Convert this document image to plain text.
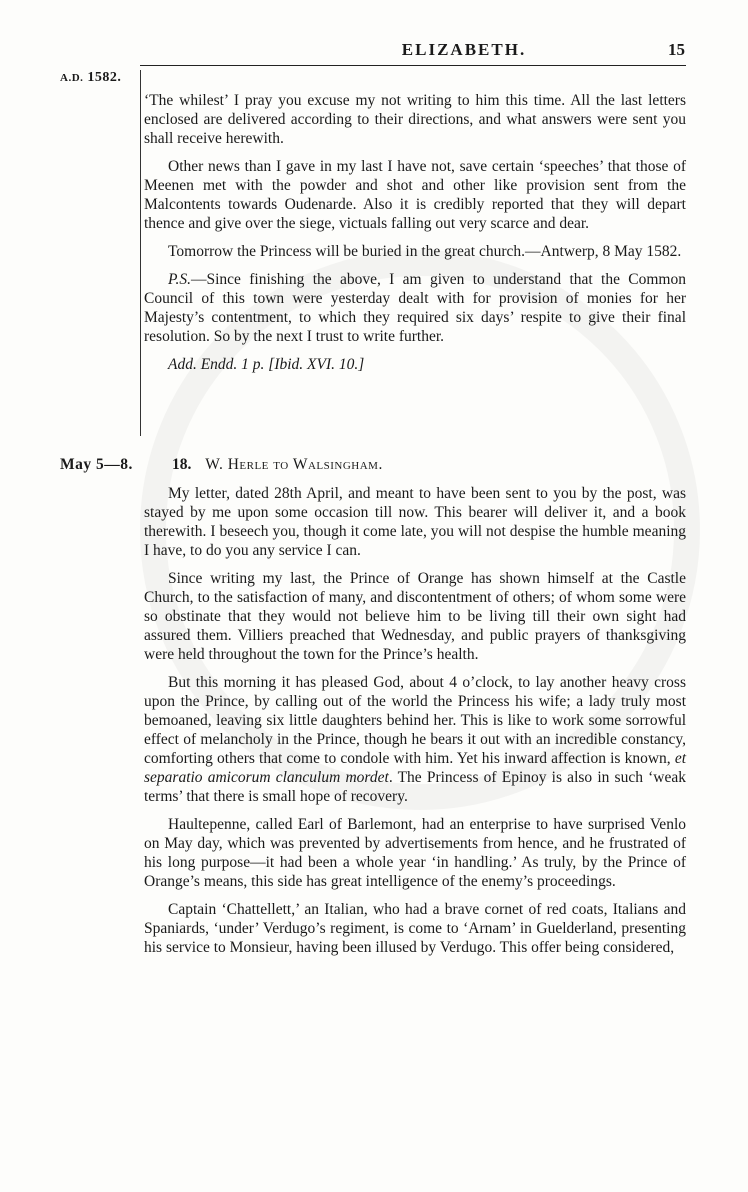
ELIZABETH.	15
A.D. 1582.

‘The whilest’ I pray you excuse my not writing to him this time. All the last letters enclosed are delivered according to their directions, and what answers were sent you shall receive herewith.

Other news than I gave in my last I have not, save certain ‘speeches’ that those of Meenen met with the powder and shot and other like provision sent from the Malcontents towards Oudenarde. Also it is credibly reported that they will depart thence and give over the siege, victuals falling out very scarce and dear.

Tomorrow the Princess will be buried in the great church.—Antwerp, 8 May 1582.

P.S.—Since finishing the above, I am given to understand that the Common Council of this town were yesterday dealt with for provision of monies for her Majesty’s contentment, to which they required six days’ respite to give their final resolution. So by the next I trust to write further.

Add. Endd. 1 p. [Ibid. XVI. 10.]

May 5—8.	18. W. Herle to Walsingham.

My letter, dated 28th April, and meant to have been sent to you by the post, was stayed by me upon some occasion till now. This bearer will deliver it, and a book therewith. I beseech you, though it come late, you will not despise the humble meaning I have, to do you any service I can.

Since writing my last, the Prince of Orange has shown himself at the Castle Church, to the satisfaction of many, and discontentment of others; of whom some were so obstinate that they would not believe him to be living till their own sight had assured them. Villiers preached that Wednesday, and public prayers of thanksgiving were held throughout the town for the Prince’s health.

But this morning it has pleased God, about 4 o’clock, to lay another heavy cross upon the Prince, by calling out of the world the Princess his wife; a lady truly most bemoaned, leaving six little daughters behind her. This is like to work some sorrowful effect of melancholy in the Prince, though he bears it out with an incredible constancy, comforting others that come to condole with him. Yet his inward affection is known, et separatio amicorum clanculum mordet. The Princess of Epinoy is also in such ‘weak terms’ that there is small hope of recovery.

Haultepenne, called Earl of Barlemont, had an enterprise to have surprised Venlo on May day, which was prevented by advertisements from hence, and he frustrated of his long purpose—it had been a whole year ‘in handling.’ As truly, by the Prince of Orange’s means, this side has great intelligence of the enemy’s proceedings.

Captain ‘Chattellett,’ an Italian, who had a brave cornet of red coats, Italians and Spaniards, ‘under’ Verdugo’s regiment, is come to ‘Arnam’ in Guelderland, presenting his service to Monsieur, having been illused by Verdugo. This offer being considered,
